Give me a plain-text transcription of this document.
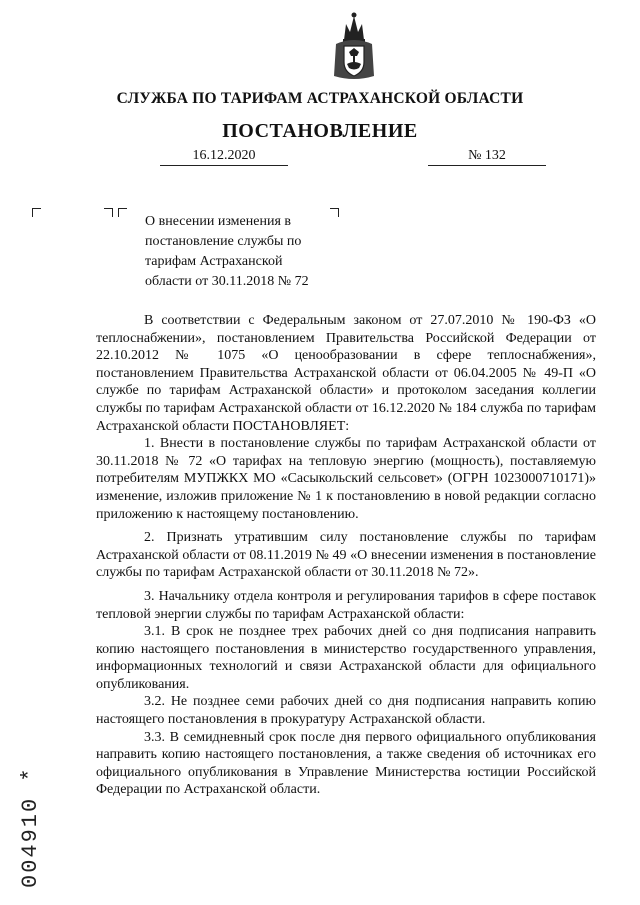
СЛУЖБА ПО ТАРИФАМ АСТРАХАНСКОЙ ОБЛАСТИ
ПОСТАНОВЛЕНИЕ
16.12.2020	№ 132
О внесении изменения в
постановление службы по
тарифам Астраханской
области от 30.11.2018 № 72

В соответствии с Федеральным законом от 27.07.2010 № 190-ФЗ «О теплоснабжении», постановлением Правительства Российской Федерации от 22.10.2012 № 1075 «О ценообразовании в сфере теплоснабжения», постановлением Правительства Астраханской области от 06.04.2005 № 49-П «О службе по тарифам Астраханской области» и протоколом заседания коллегии службы по тарифам Астраханской области от 16.12.2020 № 184 служба по тарифам Астраханской области ПОСТАНОВЛЯЕТ:

1. Внести в постановление службы по тарифам Астраханской области от 30.11.2018 № 72 «О тарифах на тепловую энергию (мощность), поставляемую потребителям МУПЖКХ МО «Сасыкольский сельсовет» (ОГРН 1023000710171)» изменение, изложив приложение № 1 к постановлению в новой редакции согласно приложению к настоящему постановлению.

2. Признать утратившим силу постановление службы по тарифам Астраханской области от 08.11.2019 № 49 «О внесении изменения в постановление службы по тарифам Астраханской области от 30.11.2018 № 72».

3. Начальнику отдела контроля и регулирования тарифов в сфере поставок тепловой энергии службы по тарифам Астраханской области:

3.1. В срок не позднее трех рабочих дней со дня подписания направить копию настоящего постановления в министерство государственного управления, информационных технологий и связи Астраханской области для официального опубликования.

3.2. Не позднее семи рабочих дней со дня подписания направить копию настоящего постановления в прокуратуру Астраханской области.

3.3. В семидневный срок после дня первого официального опубликования направить копию настоящего постановления, а также сведения об источниках его официального опубликования в Управление Министерства юстиции Российской Федерации по Астраханской области.

004910 *
